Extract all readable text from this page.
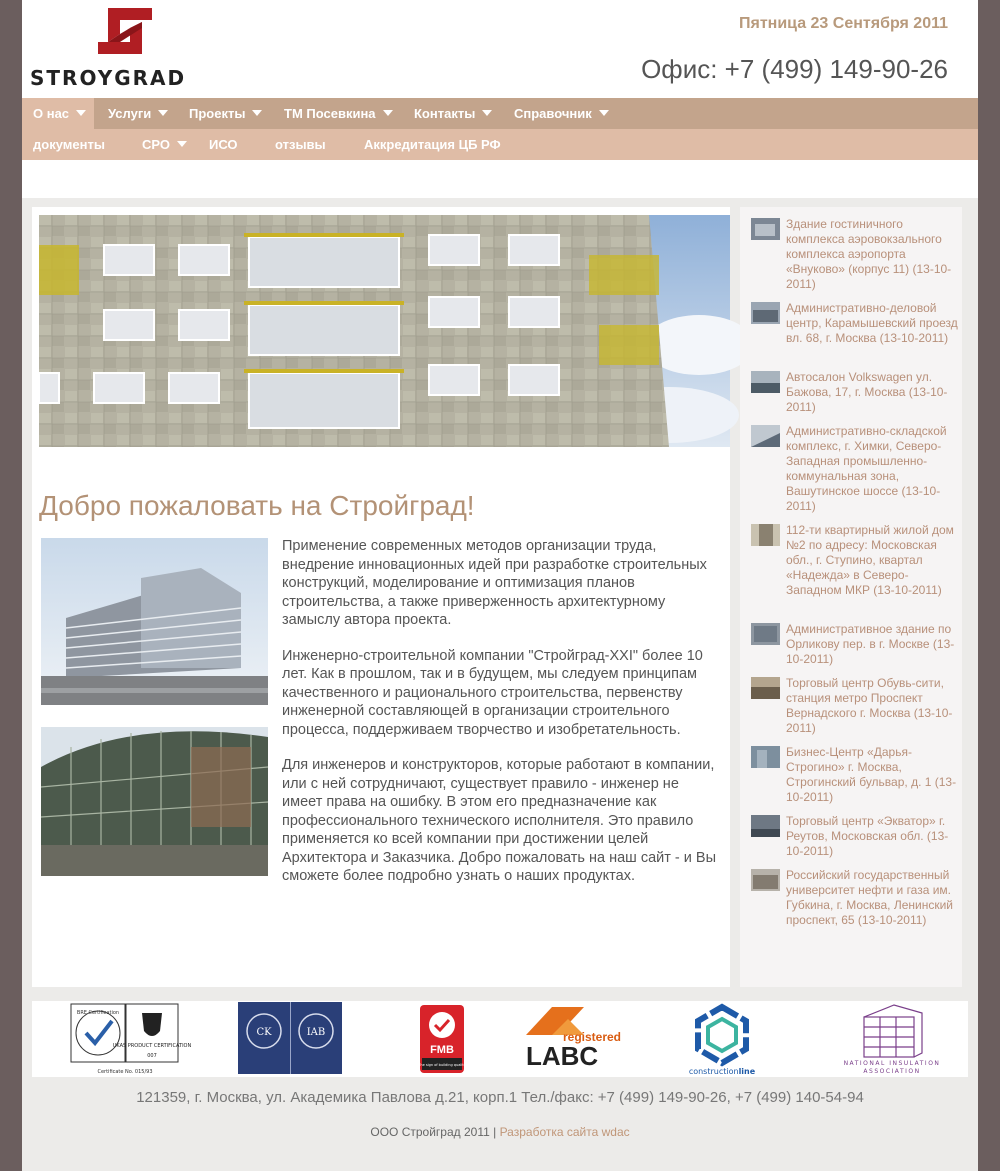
STROYGRAD
Пятница 23 Сентября 2011
Офис: +7 (499) 149-90-26
О нас	Услуги	Проекты	ТМ Посевкина	Контакты	Справочник
документы	СРО	ИСО	отзывы	Аккредитация ЦБ РФ
Добро пожаловать на Стройград!

Применение современных методов организации труда, внедрение инновационных идей при разработке строительных конструкций, моделирование и оптимизация планов строительства, а также приверженность архитектурному замыслу автора проекта.

Инженерно-строительной компании "Стройград-XXI" более 10 лет. Как в прошлом, так и в будущем, мы следуем принципам качественного и рационального строительства, первенству инженерной составляющей в организации строительного процесса, поддерживаем творчество и изобретательность.

Для инженеров и конструкторов, которые работают в компании, или с ней сотрудничают, существует правило - инженер не имеет права на ошибку. В этом его предназначение как профессионального технического исполнителя. Это правило применяется ко всей компании при достижении целей Архитектора и Заказчика. Добро пожаловать на наш сайт - и Вы сможете более подробно узнать о наших продуктах.

Здание гостиничного комплекса аэровокзального комплекса аэропорта «Внуково» (корпус 11) (13-10-2011)
Административно-деловой центр, Карамышевский проезд вл. 68, г. Москва (13-10-2011)
Автосалон Volkswagen ул. Бажова, 17, г. Москва (13-10-2011)
Административно-складской комплекс, г. Химки, Северо-Западная промышленно-коммунальная зона, Вашутинское шоссе (13-10-2011)
112-ти квартирный жилой дом №2 по адресу: Московская обл., г. Ступино, квартал «Надежда» в Северо-Западном МКР (13-10-2011)
Административное здание по Орликову пер. в г. Москве (13-10-2011)
Торговый центр Обувь-сити, станция метро Проспект Вернадского г. Москва (13-10-2011)
Бизнес-Центр «Дарья-Строгино» г. Москва, Строгинский бульвар, д. 1 (13-10-2011)
Торговый центр «Экватор» г. Реутов, Московская обл. (13-10-2011)
Российский государственный университет нефти и газа им. Губкина, г. Москва, Ленинский проспект, 65 (13-10-2011)
BRE Certification
UKAS PRODUCT CERTIFICATION
007
Certificate No. 015/93
CK	IAB
FMB
The sign of building quality
registered
LABC
constructionline
NATIONAL INSULATION
ASSOCIATION
121359, г. Москва, ул. Академика Павлова д.21, корп.1 Тел./факс: +7 (499) 149-90-26, +7 (499) 140-54-94
ООО Стройград 2011 | Разработка сайта wdac
